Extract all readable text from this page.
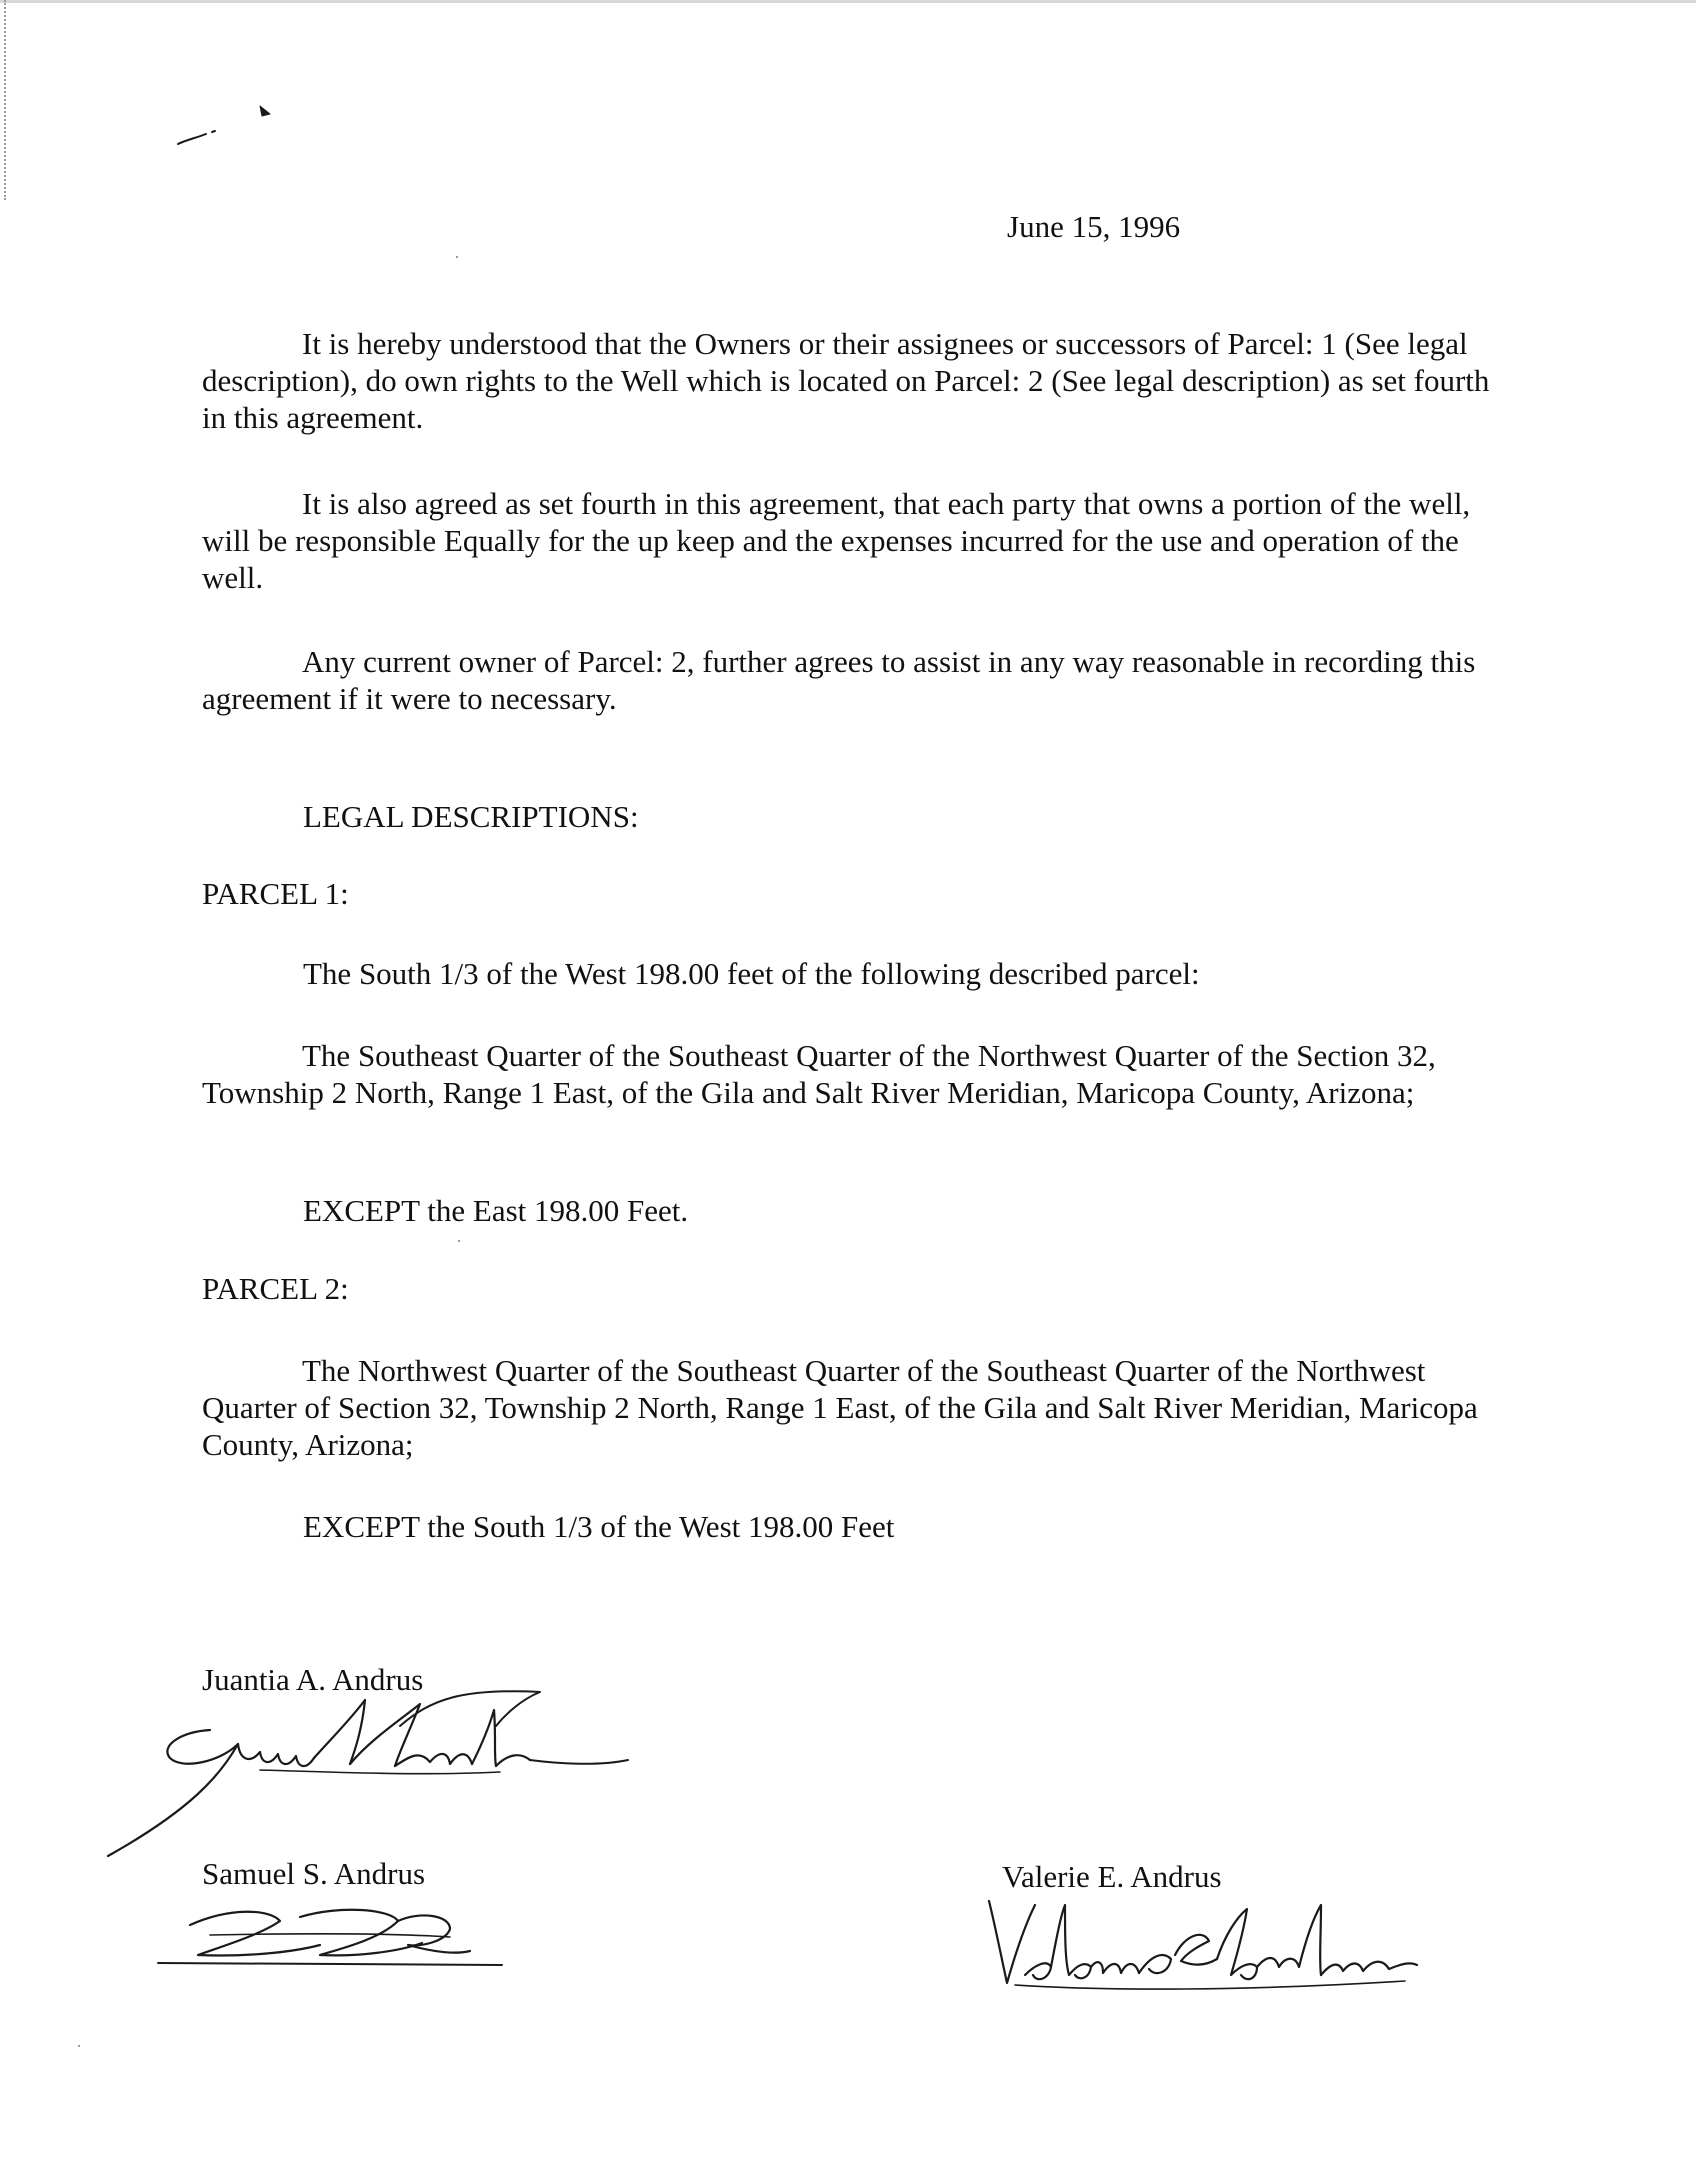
June 15, 1996
It is hereby understood that the Owners or their assignees or successors of Parcel: 1 (See legal description), do own rights to the Well which is located on Parcel: 2 (See legal description) as set fourth in this agreement.
It is also agreed as set fourth in this agreement, that each party that owns a portion of the well, will be responsible Equally for the up keep and the expenses incurred for the use and operation of the well.
Any current owner of Parcel: 2, further agrees to assist in any way reasonable in recording this agreement if it were to necessary.
LEGAL DESCRIPTIONS:
PARCEL 1:
The South 1/3 of the West 198.00 feet of the following described parcel:
The Southeast Quarter of the Southeast Quarter of the Northwest Quarter of the Section 32, Township 2 North, Range 1 East, of the Gila and Salt River Meridian, Maricopa County, Arizona;
EXCEPT the East 198.00 Feet.
PARCEL 2:
The Northwest Quarter of the Southeast Quarter of the Southeast Quarter of the Northwest Quarter of Section 32, Township 2 North, Range 1 East, of the Gila and Salt River Meridian, Maricopa County, Arizona;
EXCEPT the South 1/3 of the West 198.00 Feet
Juantia A. Andrus
Samuel S. Andrus	Valerie E. Andrus
